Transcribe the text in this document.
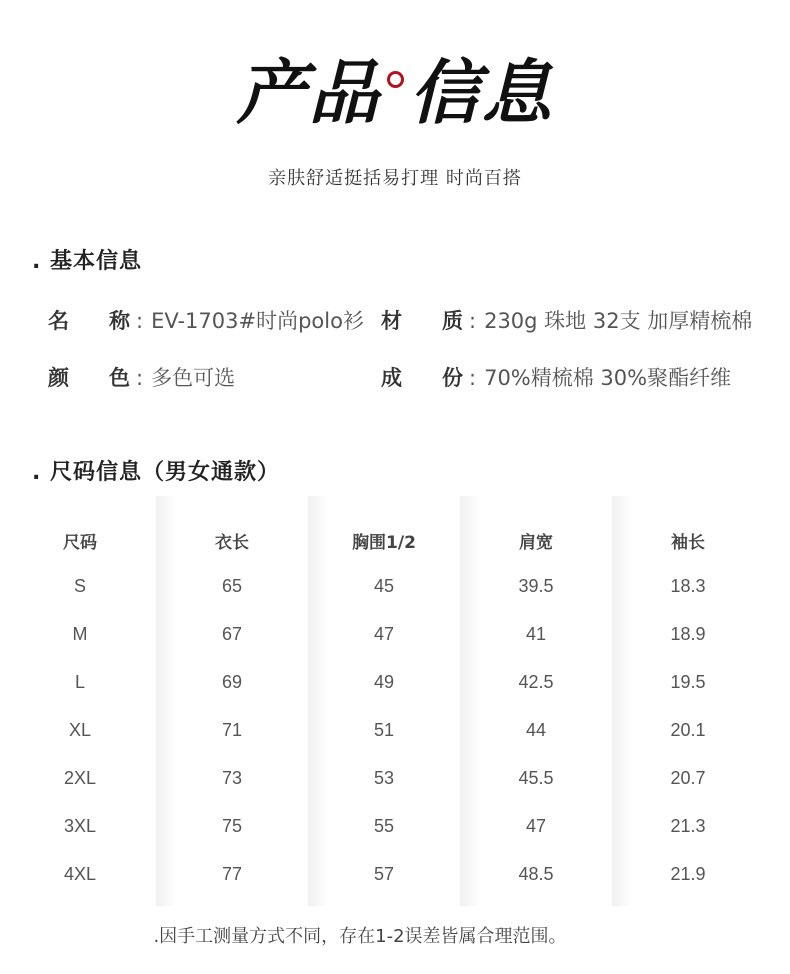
产品 信息
亲肤舒适挺括易打理 时尚百搭
. 基本信息
名称 : EV-1703#时尚polo衫 材质 : 230g 珠地 32支 加厚精梳棉
颜色 : 多色可选	成份 : 70%精梳棉 30%聚酯纤维
. 尺码信息（男女通款）
尺码
S
M
L
XL
2XL
3XL
4XL
衣长
65
67
69
71
73
75
77
胸围1/2
45
47
49
51
53
55
57
肩宽
39.5
41
42.5
44
45.5
47
48.5
袖长
18.3
18.9
19.5
20.1
20.7
21.3
21.9
.因手工测量方式不同，存在1-2误差皆属合理范围。
